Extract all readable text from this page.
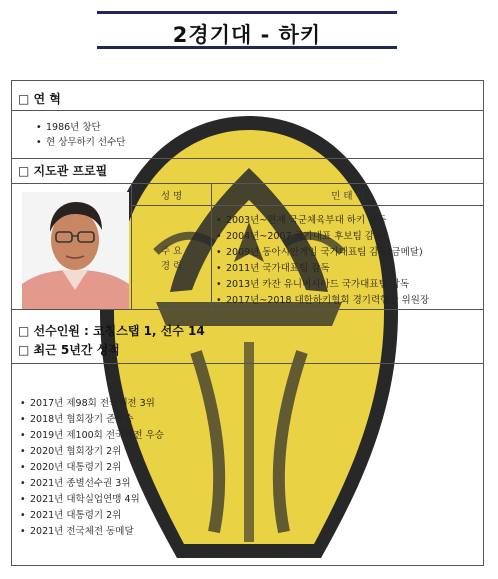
2경기대 - 하키
□ 연 혁
• 1986년 창단
• 현 상무하키 선수단
□ 지도관 프로필
성 명	민 태 석
주 요
경 력
• 2003년~현재 국군체육부대 하키 감독
• 2004년~2007 국가대표 후보팀 감독
• 2009년 동아시안게임 국가대표팀 감독(금메달)
• 2011년 국가대표팀 감독
• 2013년 카잔 유니버시아드 국가대표팀 감독
• 2017년~2018 대한하키협회 경기력향상 위원장
□ 선수인원 : 코칭스탭 1, 선수 14
□ 최근 5년간 성적
• 2017년 제98회 전국체전 3위
• 2018년 협회장기 준우승
• 2019년 제100회 전국체전 우승
• 2020년 협회장기 2위
• 2020년 대통령기 2위
• 2021년 종별선수권 3위
• 2021년 대학실업연맹 4위
• 2021년 대통령기 2위
• 2021년 전국체전 동메달
